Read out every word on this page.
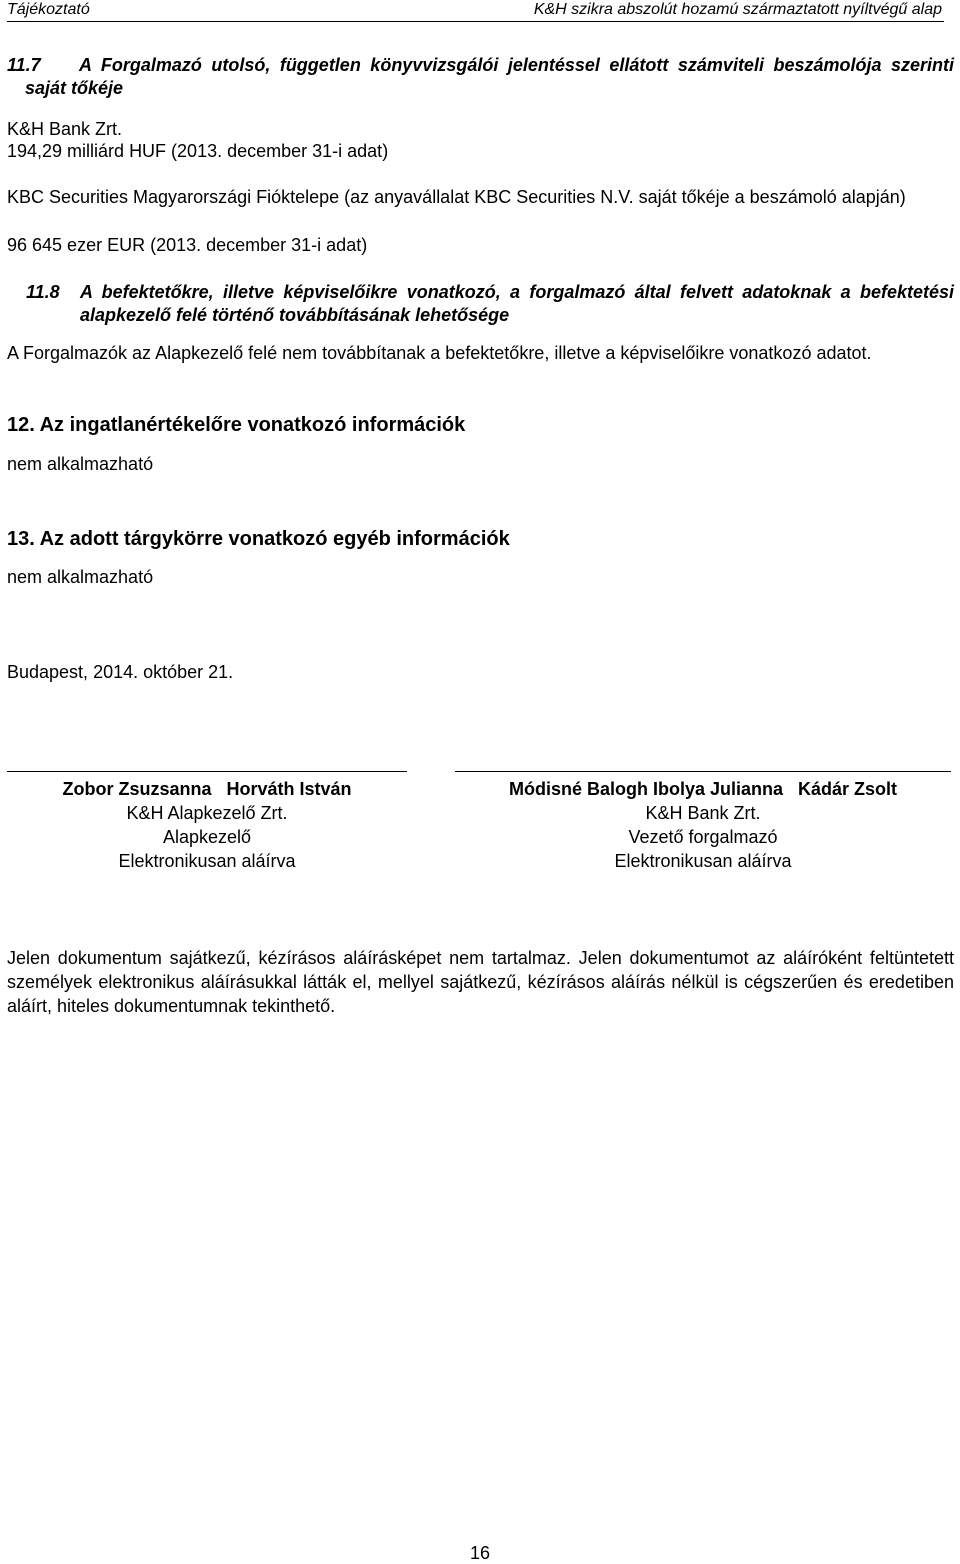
Tájékoztató	K&H szikra abszolút hozamú származtatott nyíltvégű alap
11.7 A Forgalmazó utolsó, független könyvvizsgálói jelentéssel ellátott számviteli beszámolója szerinti saját tőkéje
K&H Bank Zrt.
194,29 milliárd HUF (2013. december 31-i adat)
KBC Securities Magyarországi Fióktelepe (az anyavállalat KBC Securities N.V. saját tőkéje a beszámoló alapján)
96 645 ezer EUR (2013. december 31-i adat)
11.8 A befektetőkre, illetve képviselőikre vonatkozó, a forgalmazó által felvett adatoknak a befektetési alapkezelő felé történő továbbításának lehetősége
A Forgalmazók az Alapkezelő felé nem továbbítanak a befektetőkre, illetve a képviselőikre vonatkozó adatot.
12. Az ingatlanértékelőre vonatkozó információk
nem alkalmazható
13. Az adott tárgykörre vonatkozó egyéb információk
nem alkalmazható
Budapest, 2014. október 21.
Zobor Zsuzsanna   Horváth István
K&H Alapkezelő Zrt.
Alapkezelő
Elektronikusan aláírva
Módisné Balogh Ibolya Julianna   Kádár Zsolt
K&H Bank Zrt.
Vezető forgalmazó
Elektronikusan aláírva
Jelen dokumentum sajátkezű, kézírásos aláírásképet nem tartalmaz. Jelen dokumentumot az aláíróként feltüntetett személyek elektronikus aláírásukkal látták el, mellyel sajátkezű, kézírásos aláírás nélkül is cégszerűen és eredetiben aláírt, hiteles dokumentumnak tekinthető.
16
